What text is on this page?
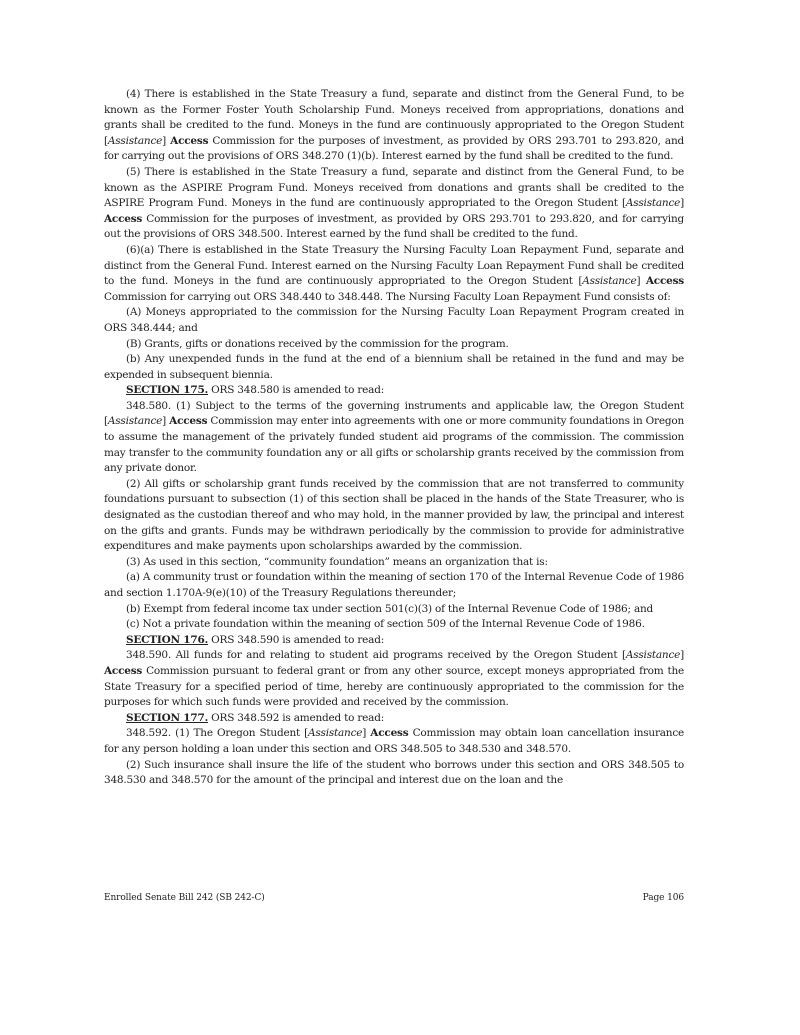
(4) There is established in the State Treasury a fund, separate and distinct from the General Fund, to be known as the Former Foster Youth Scholarship Fund. Moneys received from appropriations, donations and grants shall be credited to the fund. Moneys in the fund are continuously appropriated to the Oregon Student [Assistance] Access Commission for the purposes of investment, as provided by ORS 293.701 to 293.820, and for carrying out the provisions of ORS 348.270 (1)(b). Interest earned by the fund shall be credited to the fund.

(5) There is established in the State Treasury a fund, separate and distinct from the General Fund, to be known as the ASPIRE Program Fund. Moneys received from donations and grants shall be credited to the ASPIRE Program Fund. Moneys in the fund are continuously appropriated to the Oregon Student [Assistance] Access Commission for the purposes of investment, as provided by ORS 293.701 to 293.820, and for carrying out the provisions of ORS 348.500. Interest earned by the fund shall be credited to the fund.

(6)(a) There is established in the State Treasury the Nursing Faculty Loan Repayment Fund, separate and distinct from the General Fund. Interest earned on the Nursing Faculty Loan Repayment Fund shall be credited to the fund. Moneys in the fund are continuously appropriated to the Oregon Student [Assistance] Access Commission for carrying out ORS 348.440 to 348.448. The Nursing Faculty Loan Repayment Fund consists of:

(A) Moneys appropriated to the commission for the Nursing Faculty Loan Repayment Program created in ORS 348.444; and

(B) Grants, gifts or donations received by the commission for the program.

(b) Any unexpended funds in the fund at the end of a biennium shall be retained in the fund and may be expended in subsequent biennia.

SECTION 175. ORS 348.580 is amended to read:

348.580. (1) Subject to the terms of the governing instruments and applicable law, the Oregon Student [Assistance] Access Commission may enter into agreements with one or more community foundations in Oregon to assume the management of the privately funded student aid programs of the commission. The commission may transfer to the community foundation any or all gifts or scholarship grants received by the commission from any private donor.

(2) All gifts or scholarship grant funds received by the commission that are not transferred to community foundations pursuant to subsection (1) of this section shall be placed in the hands of the State Treasurer, who is designated as the custodian thereof and who may hold, in the manner provided by law, the principal and interest on the gifts and grants. Funds may be withdrawn periodically by the commission to provide for administrative expenditures and make payments upon scholarships awarded by the commission.

(3) As used in this section, “community foundation” means an organization that is:

(a) A community trust or foundation within the meaning of section 170 of the Internal Revenue Code of 1986 and section 1.170A-9(e)(10) of the Treasury Regulations thereunder;

(b) Exempt from federal income tax under section 501(c)(3) of the Internal Revenue Code of 1986; and

(c) Not a private foundation within the meaning of section 509 of the Internal Revenue Code of 1986.

SECTION 176. ORS 348.590 is amended to read:

348.590. All funds for and relating to student aid programs received by the Oregon Student [Assistance] Access Commission pursuant to federal grant or from any other source, except moneys appropriated from the State Treasury for a specified period of time, hereby are continuously appropriated to the commission for the purposes for which such funds were provided and received by the commission.

SECTION 177. ORS 348.592 is amended to read:

348.592. (1) The Oregon Student [Assistance] Access Commission may obtain loan cancellation insurance for any person holding a loan under this section and ORS 348.505 to 348.530 and 348.570.

(2) Such insurance shall insure the life of the student who borrows under this section and ORS 348.505 to 348.530 and 348.570 for the amount of the principal and interest due on the loan and the

Enrolled Senate Bill 242 (SB 242-C)	Page 106
